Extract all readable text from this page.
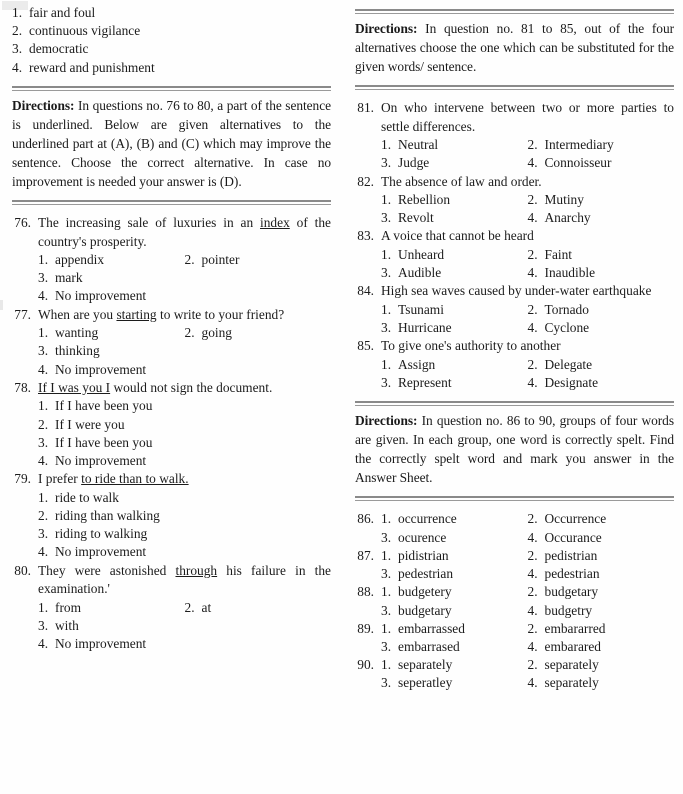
1. fair and foul
2. continuous vigilance
3. democratic
4. reward and punishment

Directions: In questions no. 76 to 80, a part of the sentence is underlined. Below are given alternatives to the underlined part at (A), (B) and (C) which may improve the sentence. Choose the correct alternative. In case no improvement is needed your answer is (D).

76. The increasing sale of luxuries in an index of the country's prosperity.
1. appendix	2. pointer
3. mark
4. No improvement
77. When are you starting to write to your friend?
1. wanting	2. going
3. thinking
4. No improvement
78. If I was you I would not sign the document.
1. If I have been you
2. If I were you
3. If I have been you
4. No improvement
79. I prefer to ride than to walk.
1. ride to walk
2. riding than walking
3. riding to walking
4. No improvement
80. They were astonished through his failure in the examination.'
1. from	2. at
3. with
4. No improvement

Directions: In question no. 81 to 85, out of the four alternatives choose the one which can be substituted for the given words/ sentence.

81. On who intervene between two or more parties to settle differences.
1. Neutral	2. Intermediary
3. Judge	4. Connoisseur
82. The absence of law and order.
1. Rebellion	2. Mutiny
3. Revolt	4. Anarchy
83. A voice that cannot be heard
1. Unheard	2. Faint
3. Audible	4. Inaudible
84. High sea waves caused by under-water earthquake
1. Tsunami	2. Tornado
3. Hurricane	4. Cyclone
85. To give one's authority to another
1. Assign	2. Delegate
3. Represent	4. Designate

Directions: In question no. 86 to 90, groups of four words are given. In each group, one word is correctly spelt. Find the correctly spelt word and mark you answer in the Answer Sheet.

86. 1. occurrence	2. Occurrence
3. ocurence	4. Occurance
87. 1. pidistrian	2. pedistrian
3. pedestrian	4. pedestrian
88. 1. budgetery	2. budgetary
3. budgetary	4. budgetry
89. 1. embarrassed	2. embararred
3. embarrased	4. embarared
90. 1. separately	2. separately
3. seperatley	4. separately
